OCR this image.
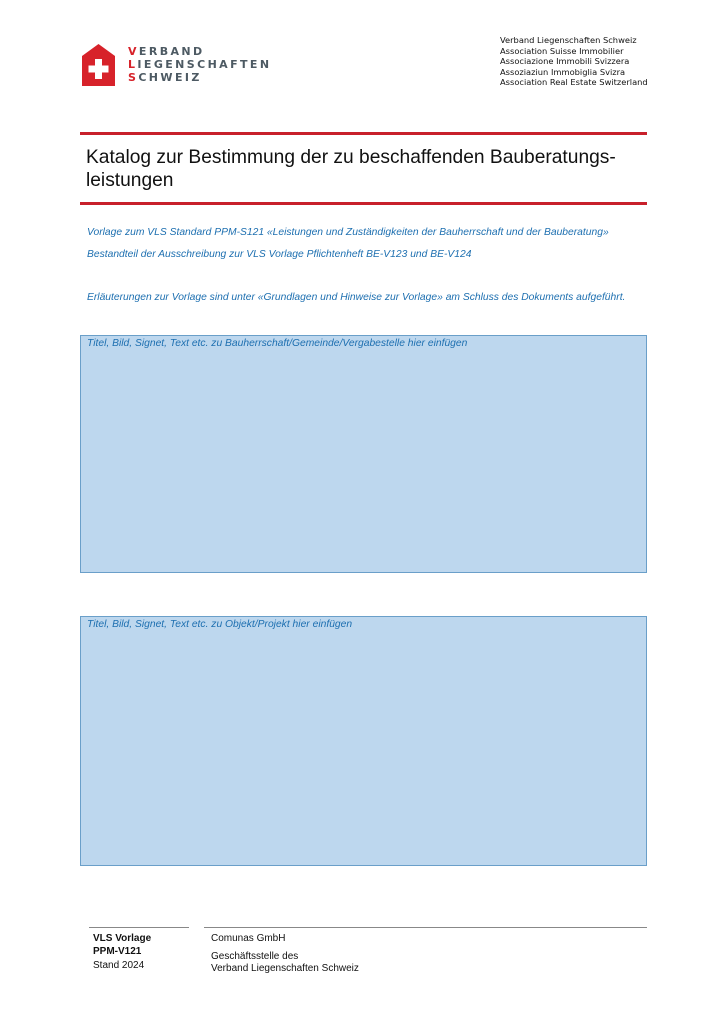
VERBAND
LIEGENSCHAFTEN
SCHWEIZ
Verband Liegenschaften Schweiz
Association Suisse Immobilier
Associazione Immobili Svizzera
Assoziaziun Immobiglia Svizra
Association Real Estate Switzerland
Katalog zur Bestimmung der zu beschaffenden Bauberatungs-
leistungen
Vorlage zum VLS Standard PPM-S121 «Leistungen und Zuständigkeiten der Bauherrschaft und der Bauberatung»
Bestandteil der Ausschreibung zur VLS Vorlage Pflichtenheft BE-V123 und BE-V124
Erläuterungen zur Vorlage sind unter «Grundlagen und Hinweise zur Vorlage» am Schluss des Dokuments aufgeführt.
Titel, Bild, Signet, Text etc. zu Bauherrschaft/Gemeinde/Vergabestelle hier einfügen
Titel, Bild, Signet, Text etc. zu Objekt/Projekt hier einfügen
VLS Vorlage
PPM-V121
Stand 2024
Comunas GmbH
Geschäftsstelle des
Verband Liegenschaften Schweiz
